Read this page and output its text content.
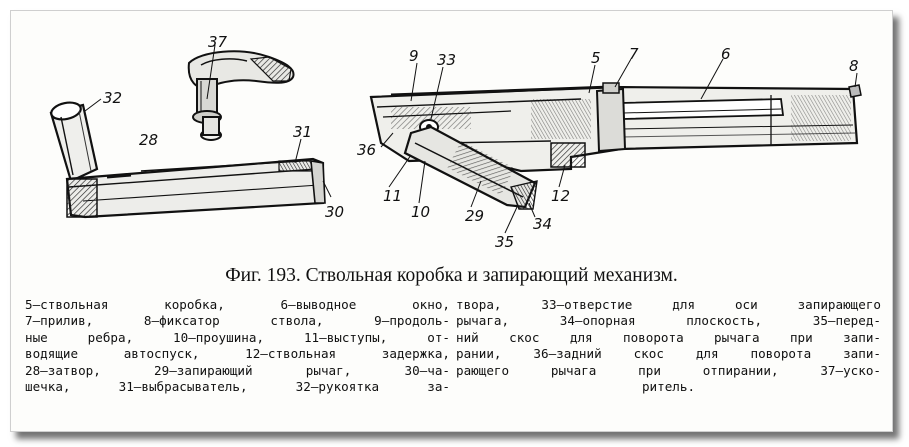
37
32
28	31
30
9 33	5 7	6
8
36
11
10 29
12
34
35
Фиг. 193. Ствольная коробка и запирающий механизм.
5—ствольная коробка, 6—выводное окно,
7—прилив, 8—фиксатор ствола, 9—продоль-
ные ребра, 10—проушина, 11—выступы, от-
водящие автоспуск, 12—ствольная задержка,
28—затвор, 29—запирающий рычаг, 30—ча-
шечка, 31—выбрасыватель, 32—рукоятка за-
твора, 33—отверстие для оси запирающего
рычага, 34—опорная плоскость, 35—перед-
ний скос для поворота рычага при запи-
рании, 36—задний скос для поворота запи-
рающего рычага при отпирании, 37—уско-
ритель.
